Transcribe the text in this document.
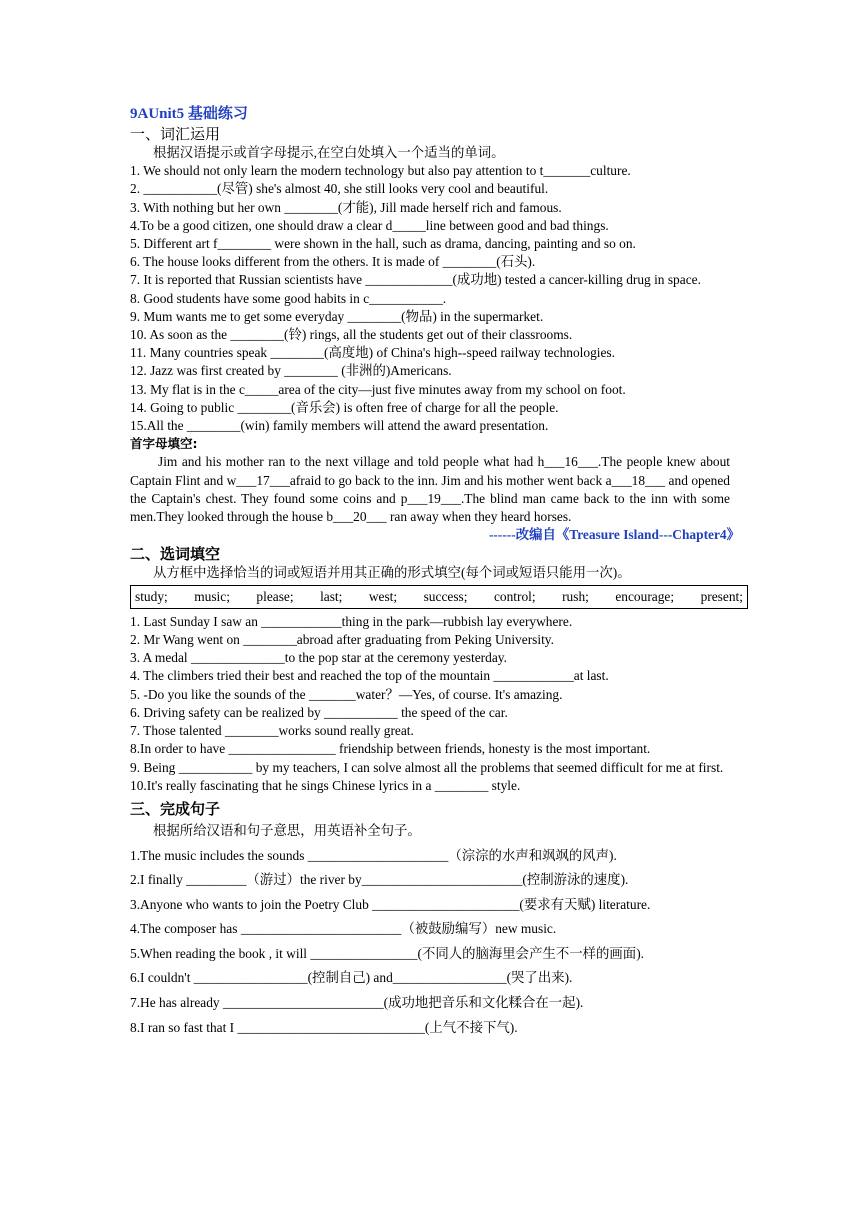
9AUnit5 基础练习
一、词汇运用
根据汉语提示或首字母提示,在空白处填入一个适当的单词。
1. We should not only learn the modern technology but also pay attention to t_______culture.
2. ___________(尽管) she's almost 40, she still looks very cool and beautiful.
3. With nothing but her own ________(才能), Jill made herself rich and famous.
4.To be a good citizen, one should draw a clear d_____line between good and bad things.
5. Different art f________ were shown in the hall, such as drama, dancing, painting and so on.
6. The house looks different from the others. It is made of ________(石头).
7. It is reported that Russian scientists have _____________(成功地) tested a cancer-killing drug in space.
8. Good students have some good habits in c___________.
9. Mum wants me to get some everyday ________(物品) in the supermarket.
10. As soon as the ________(铃) rings, all the students get out of their classrooms.
11. Many countries speak ________(高度地) of China's high--speed railway technologies.
12. Jazz was first created by ________ (非洲的)Americans.
13. My flat is in the c_____area of the city—just five minutes away from my school on foot.
14. Going to public ________(音乐会) is often free of charge for all the people.
15.All the ________(win) family members will attend the award presentation.
首字母填空:
Jim and his mother ran to the next village and told people what had h___16___.The people knew about Captain Flint and w___17___afraid to go back to the inn. Jim and his mother went back a___18___ and opened the Captain's chest. They found some coins and p___19___.The blind man came back to the inn with some men.They looked through the house b___20___ ran away when they heard horses.
------改编自《Treasure Island---Chapter4》
二、选词填空
从方框中选择恰当的词或短语并用其正确的形式填空(每个词或短语只能用一次)。
study; music; please; last; west; success; control; rush; encourage; present;
1. Last Sunday I saw an ____________thing in the park—rubbish lay everywhere.
2. Mr Wang went on ________abroad after graduating from Peking University.
3. A medal ______________to the pop star at the ceremony yesterday.
4. The climbers tried their best and reached the top of the mountain ____________at last.
5. -Do you like the sounds of the _______water？—Yes, of course. It's amazing.
6. Driving safety can be realized by ___________ the speed of the car.
7. Those talented ________works sound really great.
8.In order to have ________________ friendship between friends, honesty is the most important.
9. Being ___________ by my teachers, I can solve almost all the problems that seemed difficult for me at first.
10.It's really fascinating that he sings Chinese lyrics in a ________ style.
三、完成句子
根据所给汉语和句子意思，用英语补全句子。
1.The music includes the sounds _____________________（淙淙的水声和飒飒的风声).
2.I finally _________（游过）the river by________________________(控制游泳的速度).
3.Anyone who wants to join the Poetry Club ______________________(要求有天赋) literature.
4.The composer has ________________________（被鼓励编写）new music.
5.When reading the book , it will ________________(不同人的脑海里会产生不一样的画面).
6.I couldn't _________________(控制自己) and_________________(哭了出来).
7.He has already ________________________(成功地把音乐和文化糅合在一起).
8.I ran so fast that I ____________________________(上气不接下气).
